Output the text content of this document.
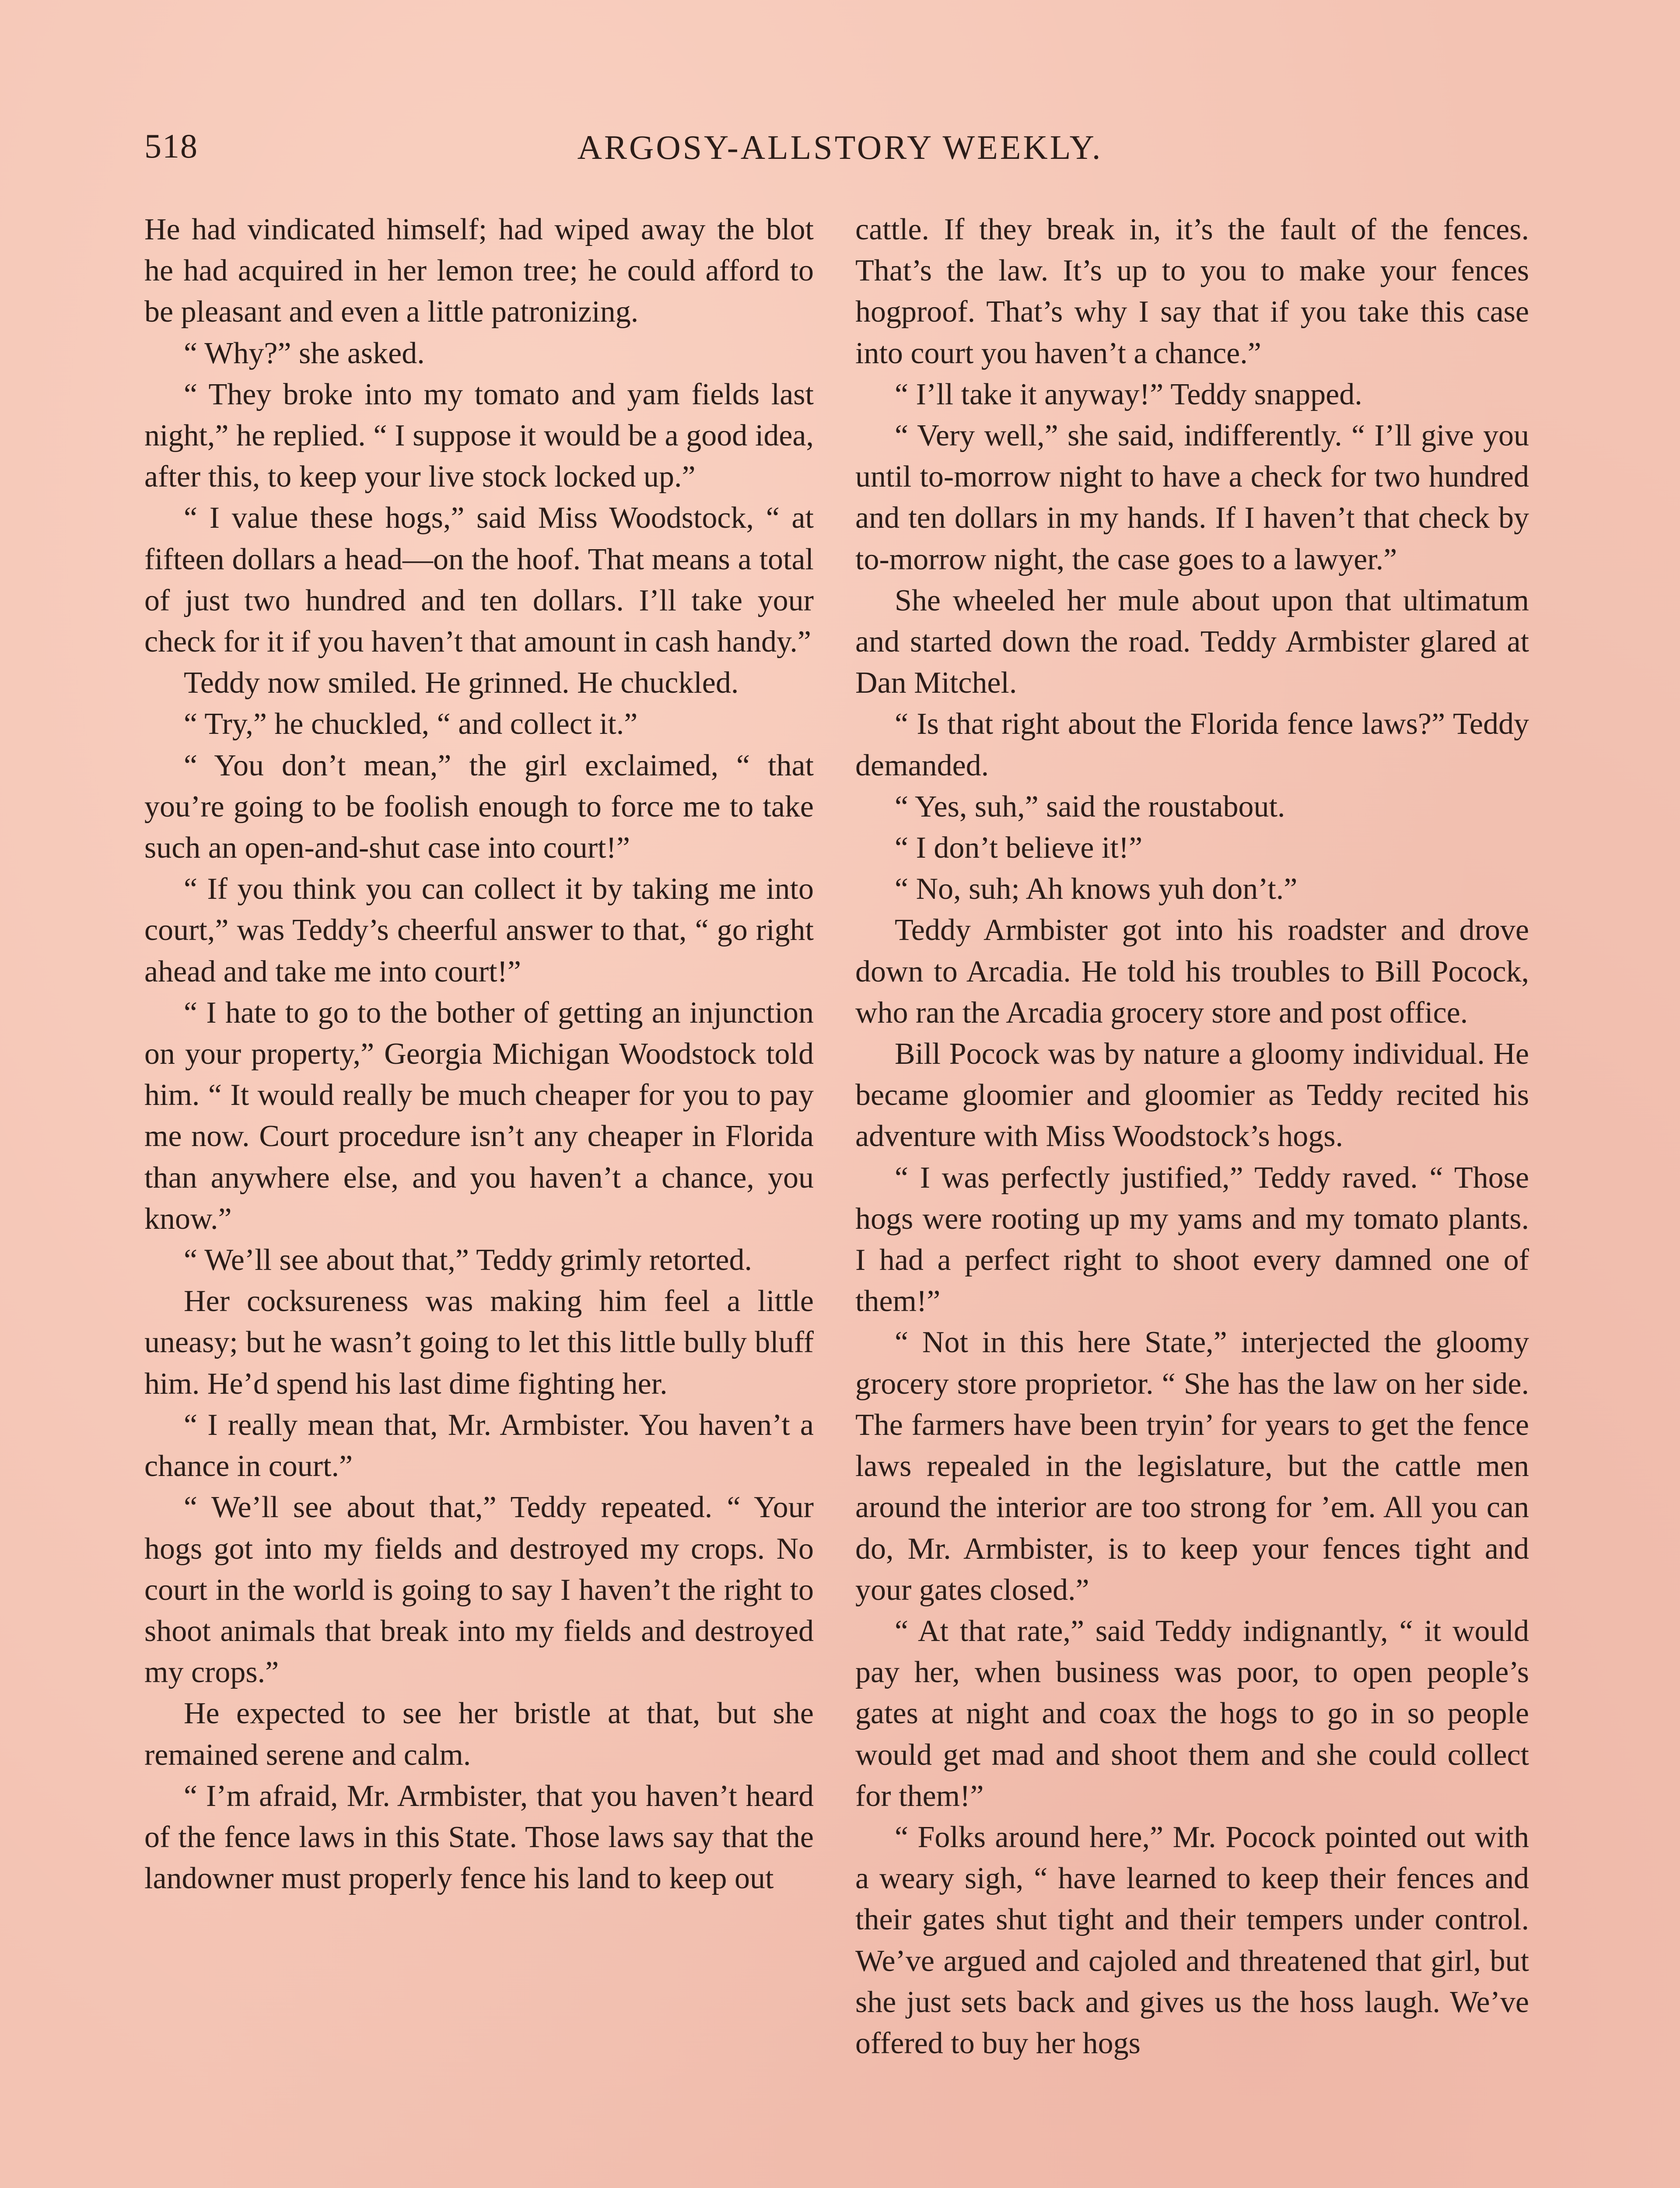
518	ARGOSY-ALLSTORY WEEKLY.

He had vindicated himself; had wiped away the blot he had acquired in her lemon tree; he could afford to be pleasant and even a little patronizing.

“ Why?” she asked.

“ They broke into my tomato and yam fields last night,” he replied. “ I suppose it would be a good idea, after this, to keep your live stock locked up.”

“ I value these hogs,” said Miss Woodstock, “ at fifteen dollars a head—on the hoof. That means a total of just two hundred and ten dollars. I’ll take your check for it if you haven’t that amount in cash handy.”

Teddy now smiled. He grinned. He chuckled.

“ Try,” he chuckled, “ and collect it.”

“ You don’t mean,” the girl exclaimed, “ that you’re going to be foolish enough to force me to take such an open-and-shut case into court!”

“ If you think you can collect it by taking me into court,” was Teddy’s cheerful answer to that, “ go right ahead and take me into court!”

“ I hate to go to the bother of getting an injunction on your property,” Georgia Michigan Woodstock told him. “ It would really be much cheaper for you to pay me now. Court procedure isn’t any cheaper in Florida than anywhere else, and you haven’t a chance, you know.”

“ We’ll see about that,” Teddy grimly retorted.

Her cocksureness was making him feel a little uneasy; but he wasn’t going to let this little bully bluff him. He’d spend his last dime fighting her.

“ I really mean that, Mr. Armbister. You haven’t a chance in court.”

“ We’ll see about that,” Teddy repeated. “ Your hogs got into my fields and destroyed my crops. No court in the world is going to say I haven’t the right to shoot animals that break into my fields and destroyed my crops.”

He expected to see her bristle at that, but she remained serene and calm.

“ I’m afraid, Mr. Armbister, that you haven’t heard of the fence laws in this State. Those laws say that the landowner must properly fence his land to keep out

cattle. If they break in, it’s the fault of the fences. That’s the law. It’s up to you to make your fences hogproof. That’s why I say that if you take this case into court you haven’t a chance.”

“ I’ll take it anyway!” Teddy snapped.

“ Very well,” she said, indifferently. “ I’ll give you until to-morrow night to have a check for two hundred and ten dollars in my hands. If I haven’t that check by to-morrow night, the case goes to a lawyer.”

She wheeled her mule about upon that ultimatum and started down the road. Teddy Armbister glared at Dan Mitchel.

“ Is that right about the Florida fence laws?” Teddy demanded.

“ Yes, suh,” said the roustabout.

“ I don’t believe it!”

“ No, suh; Ah knows yuh don’t.”

Teddy Armbister got into his roadster and drove down to Arcadia. He told his troubles to Bill Pocock, who ran the Arcadia grocery store and post office.

Bill Pocock was by nature a gloomy individual. He became gloomier and gloomier as Teddy recited his adventure with Miss Woodstock’s hogs.

“ I was perfectly justified,” Teddy raved. “ Those hogs were rooting up my yams and my tomato plants. I had a perfect right to shoot every damned one of them!”

“ Not in this here State,” interjected the gloomy grocery store proprietor. “ She has the law on her side. The farmers have been tryin’ for years to get the fence laws repealed in the legislature, but the cattle men around the interior are too strong for ’em. All you can do, Mr. Armbister, is to keep your fences tight and your gates closed.”

“ At that rate,” said Teddy indignantly, “ it would pay her, when business was poor, to open people’s gates at night and coax the hogs to go in so people would get mad and shoot them and she could collect for them!”

“ Folks around here,” Mr. Pocock pointed out with a weary sigh, “ have learned to keep their fences and their gates shut tight and their tempers under control. We’ve argued and cajoled and threatened that girl, but she just sets back and gives us the hoss laugh. We’ve offered to buy her hogs
